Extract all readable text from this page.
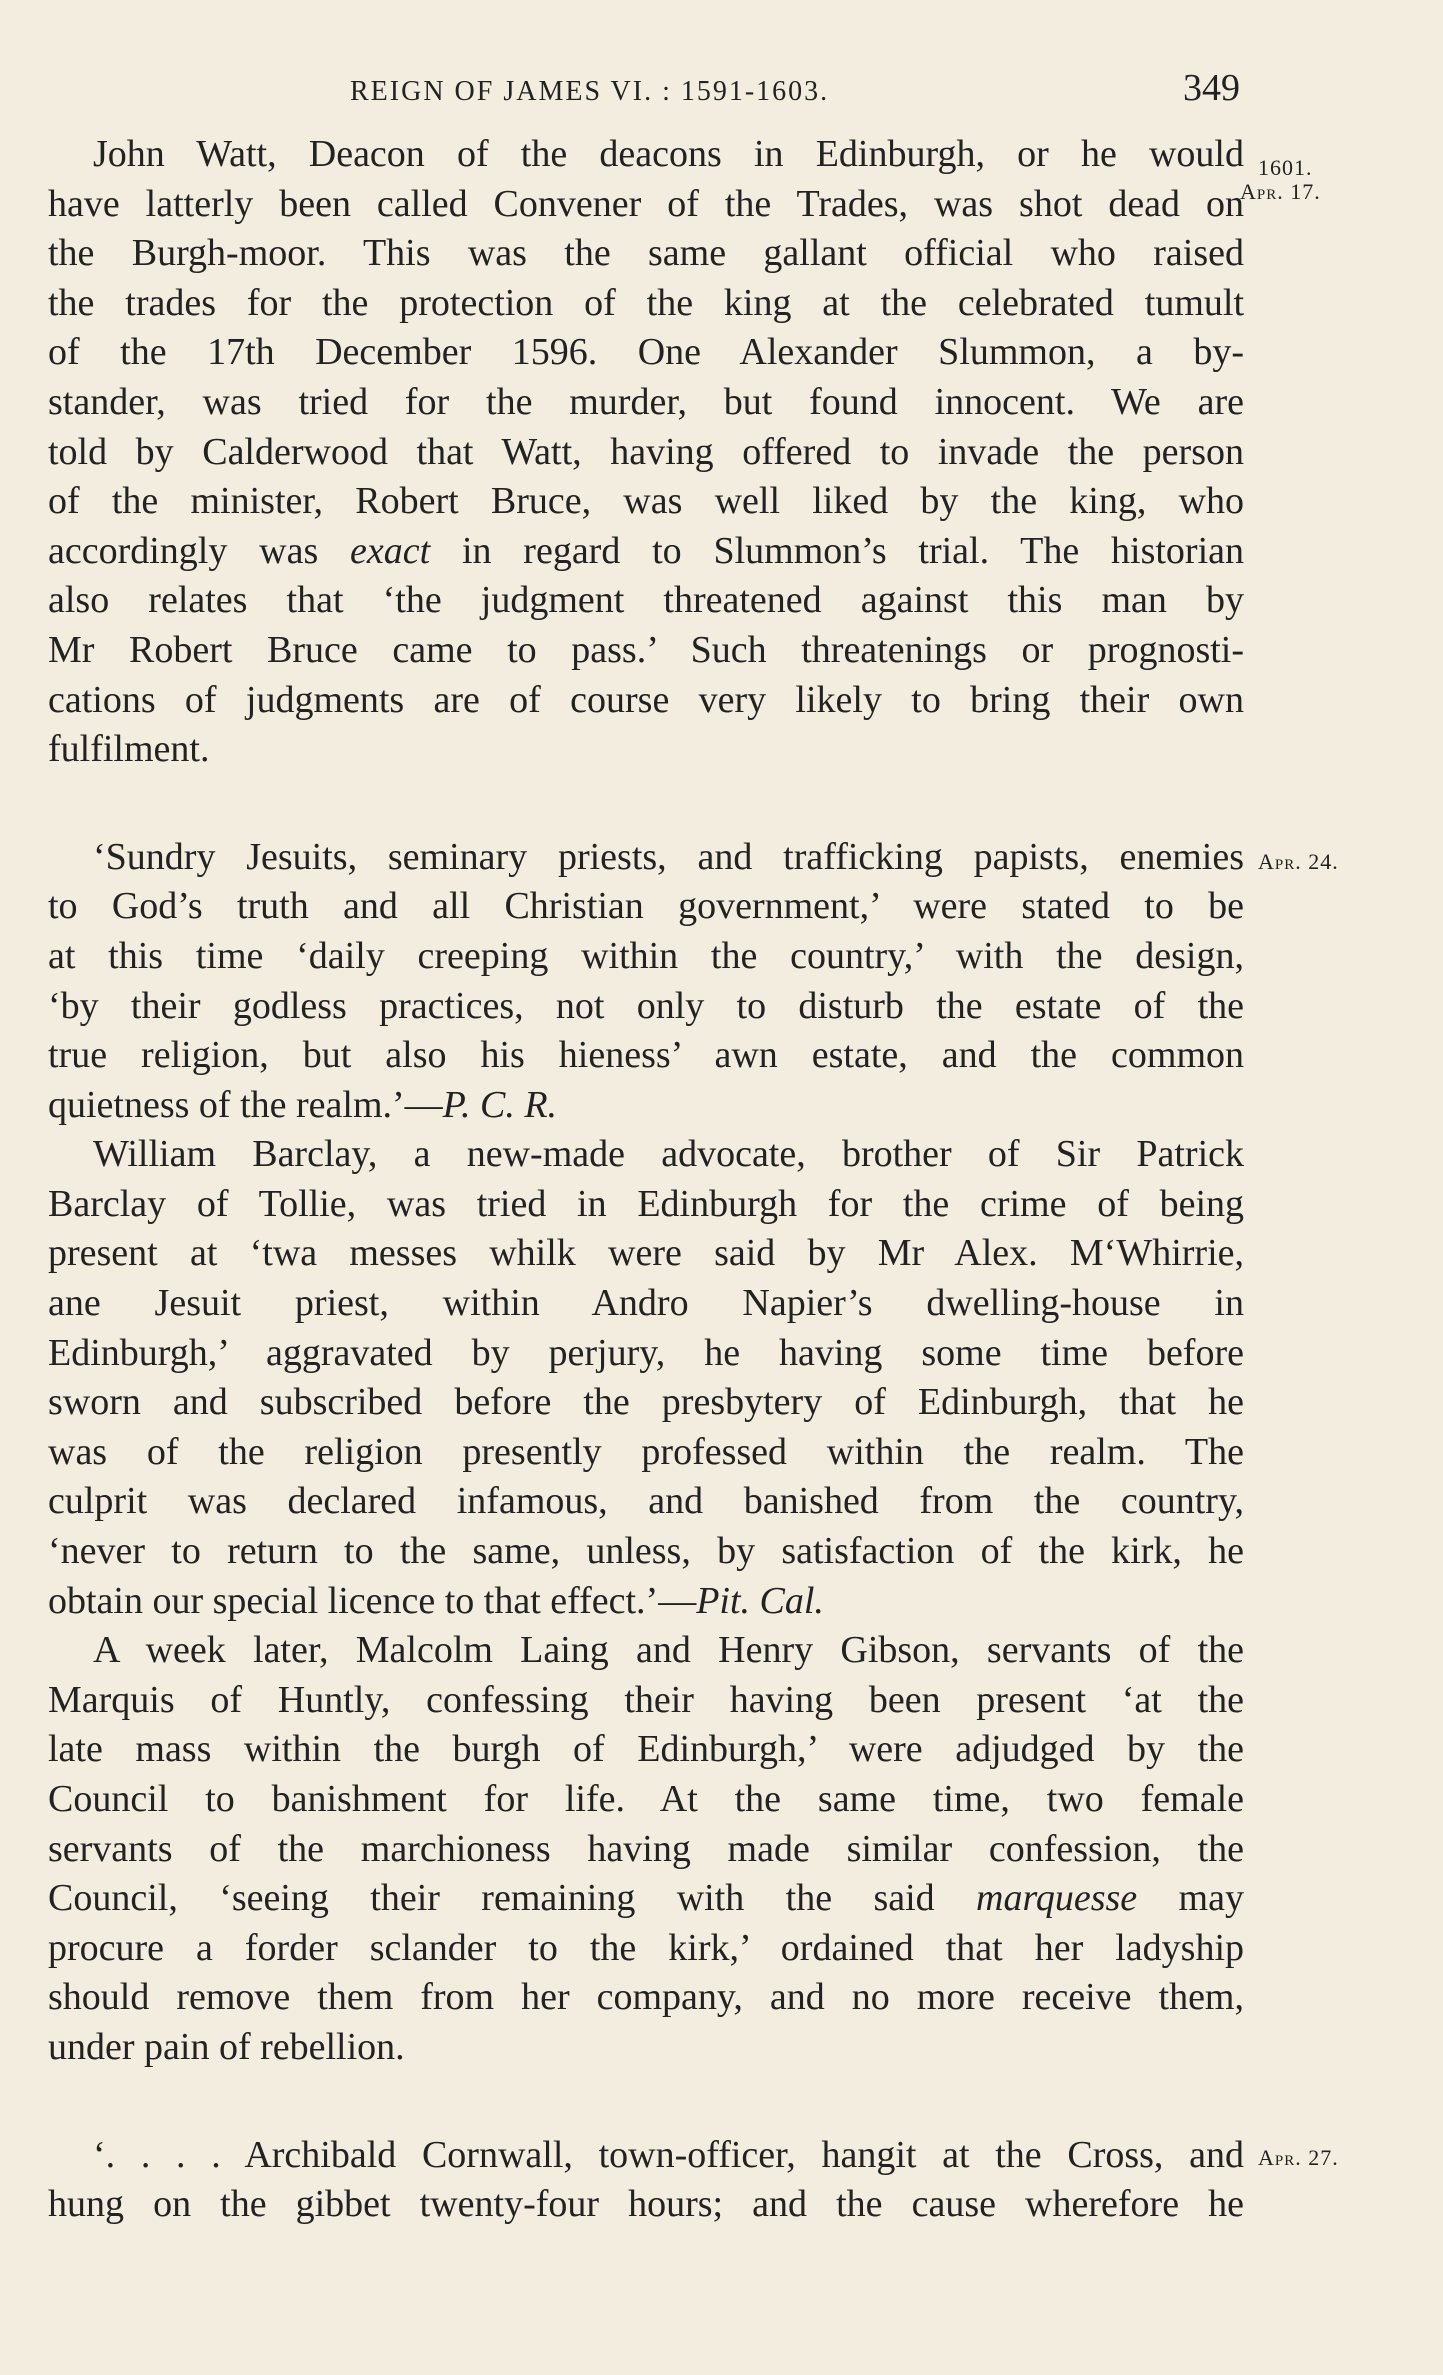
REIGN OF JAMES VI. : 1591-1603.	349
1601.
Apr. 17.
Apr. 24.
Apr. 27.
John Watt, Deacon of the deacons in Edinburgh, or he would
have latterly been called Convener of the Trades, was shot dead on
the Burgh-moor. This was the same gallant official who raised
the trades for the protection of the king at the celebrated tumult
of the 17th December 1596. One Alexander Slummon, a by-
stander, was tried for the murder, but found innocent. We are
told by Calderwood that Watt, having offered to invade the person
of the minister, Robert Bruce, was well liked by the king, who
accordingly was exact in regard to Slummon’s trial. The historian
also relates that ‘the judgment threatened against this man by
Mr Robert Bruce came to pass.’ Such threatenings or prognosti-
cations of judgments are of course very likely to bring their own
fulfilment.
‘Sundry Jesuits, seminary priests, and trafficking papists, enemies
to God’s truth and all Christian government,’ were stated to be
at this time ‘daily creeping within the country,’ with the design,
‘by their godless practices, not only to disturb the estate of the
true religion, but also his hieness’ awn estate, and the common
quietness of the realm.’—P. C. R.
William Barclay, a new-made advocate, brother of Sir Patrick
Barclay of Tollie, was tried in Edinburgh for the crime of being
present at ‘twa messes whilk were said by Mr Alex. M‘Whirrie,
ane Jesuit priest, within Andro Napier’s dwelling-house in
Edinburgh,’ aggravated by perjury, he having some time before
sworn and subscribed before the presbytery of Edinburgh, that he
was of the religion presently professed within the realm. The
culprit was declared infamous, and banished from the country,
‘never to return to the same, unless, by satisfaction of the kirk, he
obtain our special licence to that effect.’—Pit. Cal.
A week later, Malcolm Laing and Henry Gibson, servants of the
Marquis of Huntly, confessing their having been present ‘at the
late mass within the burgh of Edinburgh,’ were adjudged by the
Council to banishment for life. At the same time, two female
servants of the marchioness having made similar confession, the
Council, ‘seeing their remaining with the said marquesse may
procure a forder sclander to the kirk,’ ordained that her ladyship
should remove them from her company, and no more receive them,
under pain of rebellion.
‘. . . . Archibald Cornwall, town-officer, hangit at the Cross, and
hung on the gibbet twenty-four hours; and the cause wherefore he
